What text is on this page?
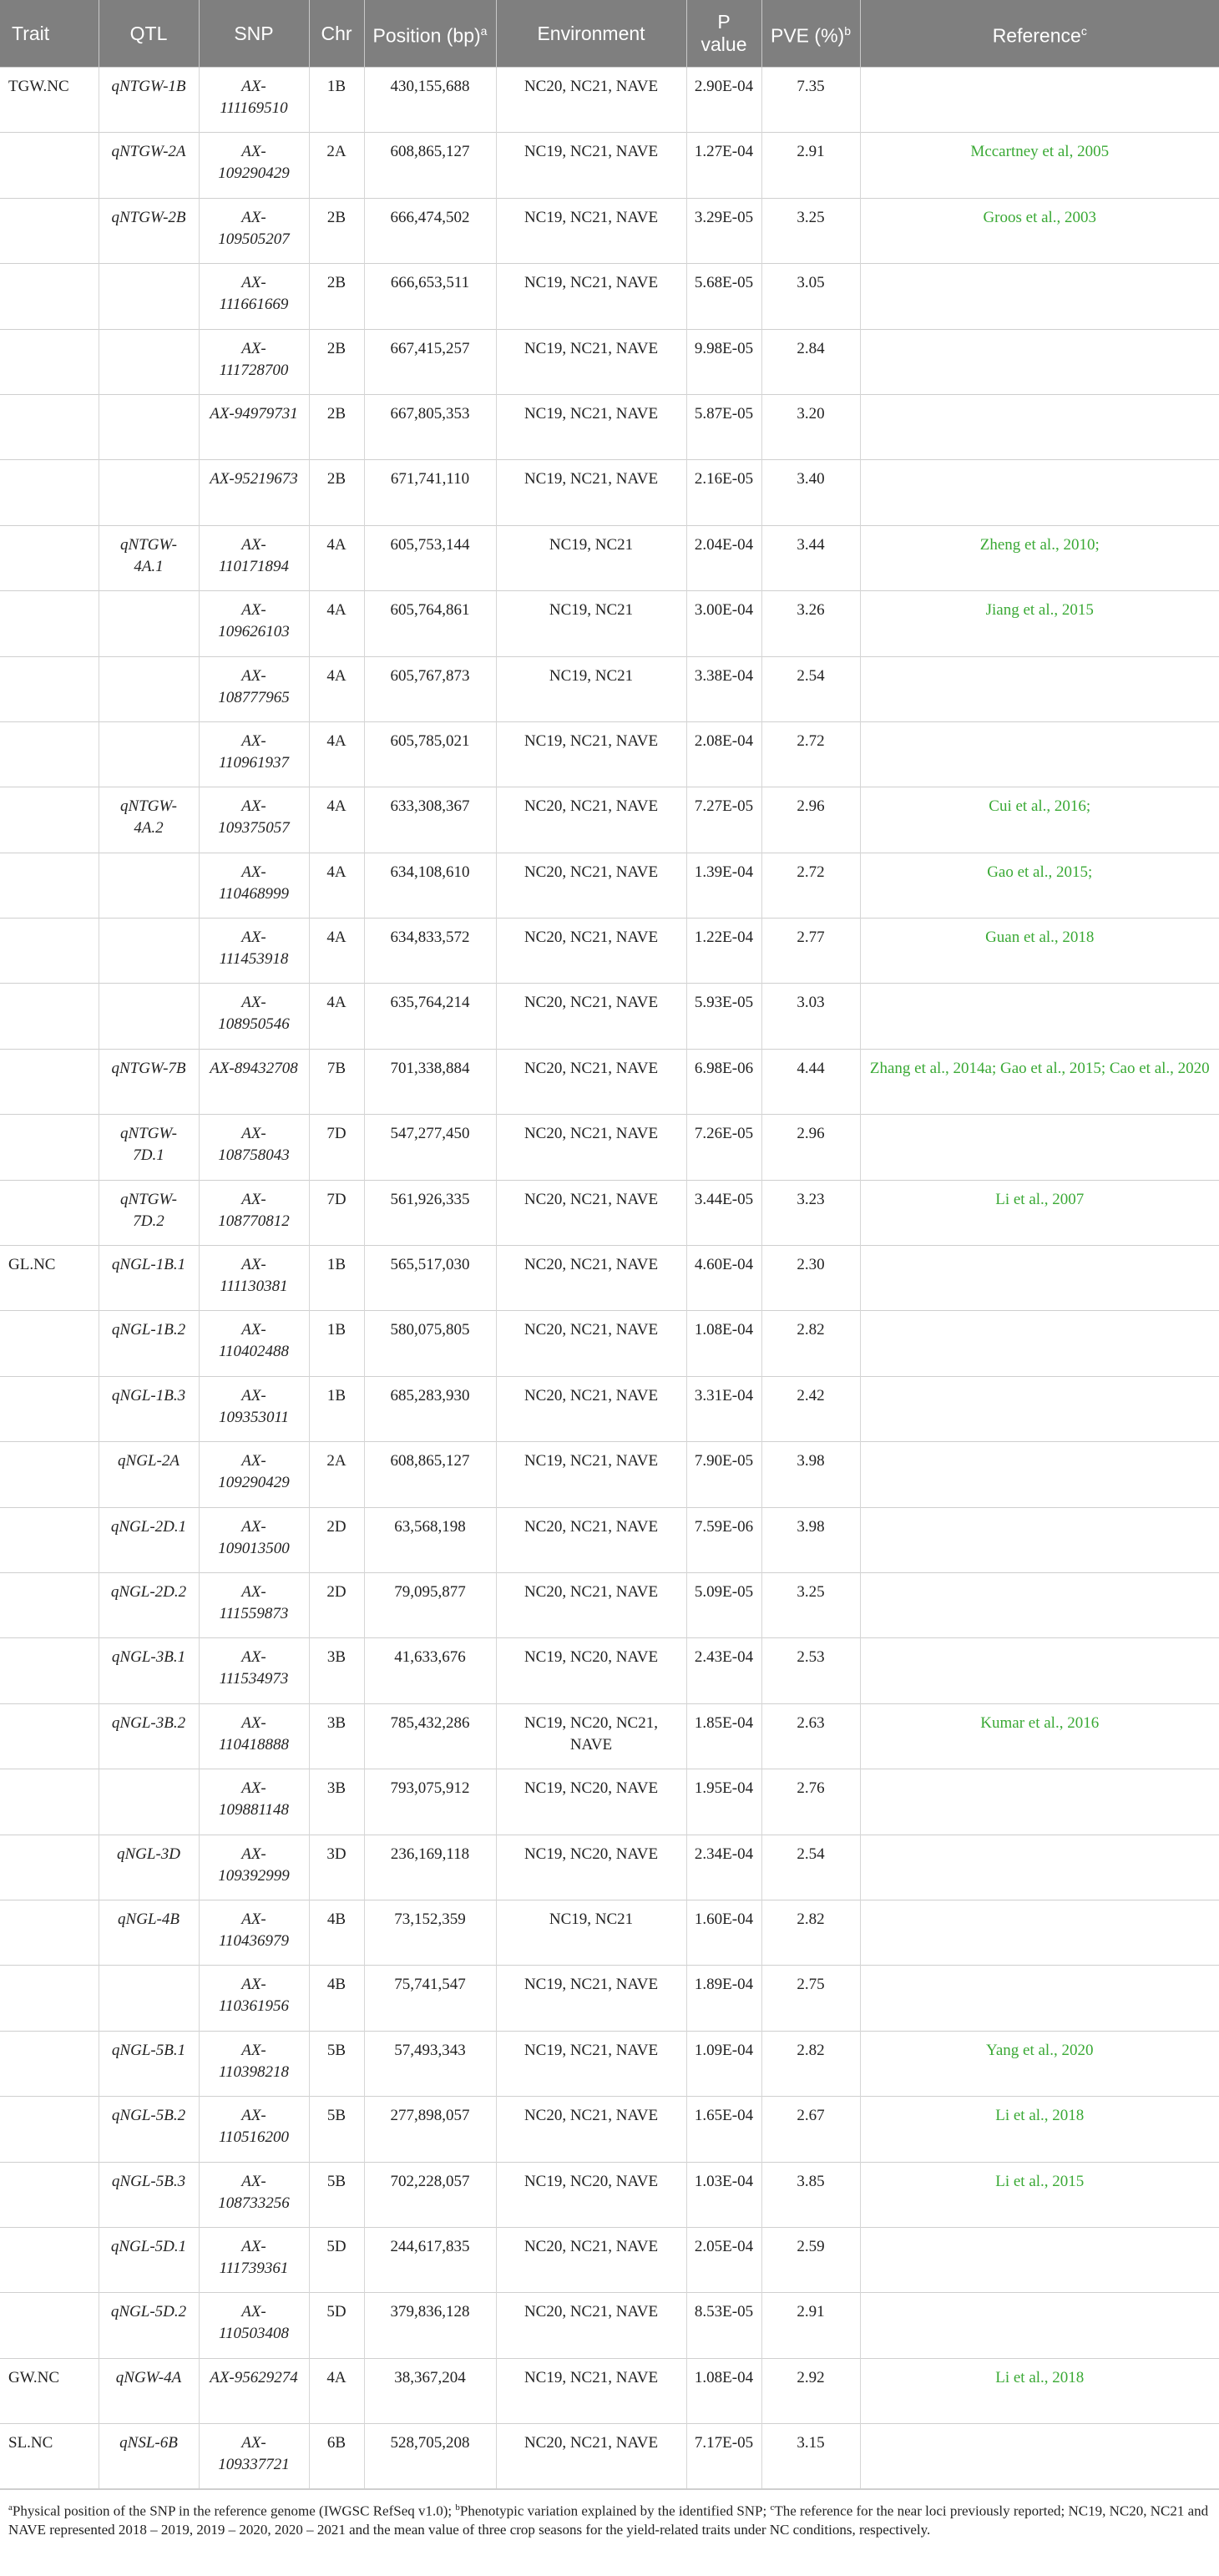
Trait	QTL	SNP	Chr	Position (bp)$^a$	Environment	P value	PVE (%)$^b$	Reference$^c$
TGW.NC	qNTGW-1B	AX-111169510	1B	430,155,688	NC20, NC21, NAVE	2.90E-04	7.35	
	qNTGW-2A	AX-109290429	2A	608,865,127	NC19, NC21, NAVE	1.27E-04	2.91	Mccartney et al, 2005
	qNTGW-2B	AX-109505207	2B	666,474,502	NC19, NC21, NAVE	3.29E-05	3.25	Groos et al., 2003
		AX-111661669	2B	666,653,511	NC19, NC21, NAVE	5.68E-05	3.05	
		AX-111728700	2B	667,415,257	NC19, NC21, NAVE	9.98E-05	2.84	
		AX-94979731	2B	667,805,353	NC19, NC21, NAVE	5.87E-05	3.20	
		AX-95219673	2B	671,741,110	NC19, NC21, NAVE	2.16E-05	3.40	
	qNTGW-4A.1	AX-110171894	4A	605,753,144	NC19, NC21	2.04E-04	3.44	Zheng et al., 2010;
		AX-109626103	4A	605,764,861	NC19, NC21	3.00E-04	3.26	Jiang et al., 2015
		AX-108777965	4A	605,767,873	NC19, NC21	3.38E-04	2.54	
		AX-110961937	4A	605,785,021	NC19, NC21, NAVE	2.08E-04	2.72	
	qNTGW-4A.2	AX-109375057	4A	633,308,367	NC20, NC21, NAVE	7.27E-05	2.96	Cui et al., 2016;
		AX-110468999	4A	634,108,610	NC20, NC21, NAVE	1.39E-04	2.72	Gao et al., 2015;
		AX-111453918	4A	634,833,572	NC20, NC21, NAVE	1.22E-04	2.77	Guan et al., 2018
		AX-108950546	4A	635,764,214	NC20, NC21, NAVE	5.93E-05	3.03	
	qNTGW-7B	AX-89432708	7B	701,338,884	NC20, NC21, NAVE	6.98E-06	4.44	Zhang et al., 2014a; Gao et al., 2015; Cao et al., 2020
	qNTGW-7D.1	AX-108758043	7D	547,277,450	NC20, NC21, NAVE	7.26E-05	2.96	
	qNTGW-7D.2	AX-108770812	7D	561,926,335	NC20, NC21, NAVE	3.44E-05	3.23	Li et al., 2007
GL.NC	qNGL-1B.1	AX-111130381	1B	565,517,030	NC20, NC21, NAVE	4.60E-04	2.30	
	qNGL-1B.2	AX-110402488	1B	580,075,805	NC20, NC21, NAVE	1.08E-04	2.82	
	qNGL-1B.3	AX-109353011	1B	685,283,930	NC20, NC21, NAVE	3.31E-04	2.42	
	qNGL-2A	AX-109290429	2A	608,865,127	NC19, NC21, NAVE	7.90E-05	3.98	
	qNGL-2D.1	AX-109013500	2D	63,568,198	NC20, NC21, NAVE	7.59E-06	3.98	
	qNGL-2D.2	AX-111559873	2D	79,095,877	NC20, NC21, NAVE	5.09E-05	3.25	
	qNGL-3B.1	AX-111534973	3B	41,633,676	NC19, NC20, NAVE	2.43E-04	2.53	
	qNGL-3B.2	AX-110418888	3B	785,432,286	NC19, NC20, NC21, NAVE	1.85E-04	2.63	Kumar et al., 2016
		AX-109881148	3B	793,075,912	NC19, NC20, NAVE	1.95E-04	2.76	
	qNGL-3D	AX-109392999	3D	236,169,118	NC19, NC20, NAVE	2.34E-04	2.54	
	qNGL-4B	AX-110436979	4B	73,152,359	NC19, NC21	1.60E-04	2.82	
		AX-110361956	4B	75,741,547	NC19, NC21, NAVE	1.89E-04	2.75	
	qNGL-5B.1	AX-110398218	5B	57,493,343	NC19, NC21, NAVE	1.09E-04	2.82	Yang et al., 2020
	qNGL-5B.2	AX-110516200	5B	277,898,057	NC20, NC21, NAVE	1.65E-04	2.67	Li et al., 2018
	qNGL-5B.3	AX-108733256	5B	702,228,057	NC19, NC20, NAVE	1.03E-04	3.85	Li et al., 2015
	qNGL-5D.1	AX-111739361	5D	244,617,835	NC20, NC21, NAVE	2.05E-04	2.59	
	qNGL-5D.2	AX-110503408	5D	379,836,128	NC20, NC21, NAVE	8.53E-05	2.91	
GW.NC	qNGW-4A	AX-95629274	4A	38,367,204	NC19, NC21, NAVE	1.08E-04	2.92	Li et al., 2018
SL.NC	qNSL-6B	AX-109337721	6B	528,705,208	NC20, NC21, NAVE	7.17E-05	3.15	
$^a$Physical position of the SNP in the reference genome (IWGSC RefSeq v1.0); $^b$Phenotypic variation explained by the identified SNP; $^c$The reference for the near loci previously reported; NC19, NC20, NC21 and NAVE represented 2018 – 2019, 2019 – 2020, 2020 – 2021 and the mean value of three crop seasons for the yield-related traits under NC conditions, respectively.
